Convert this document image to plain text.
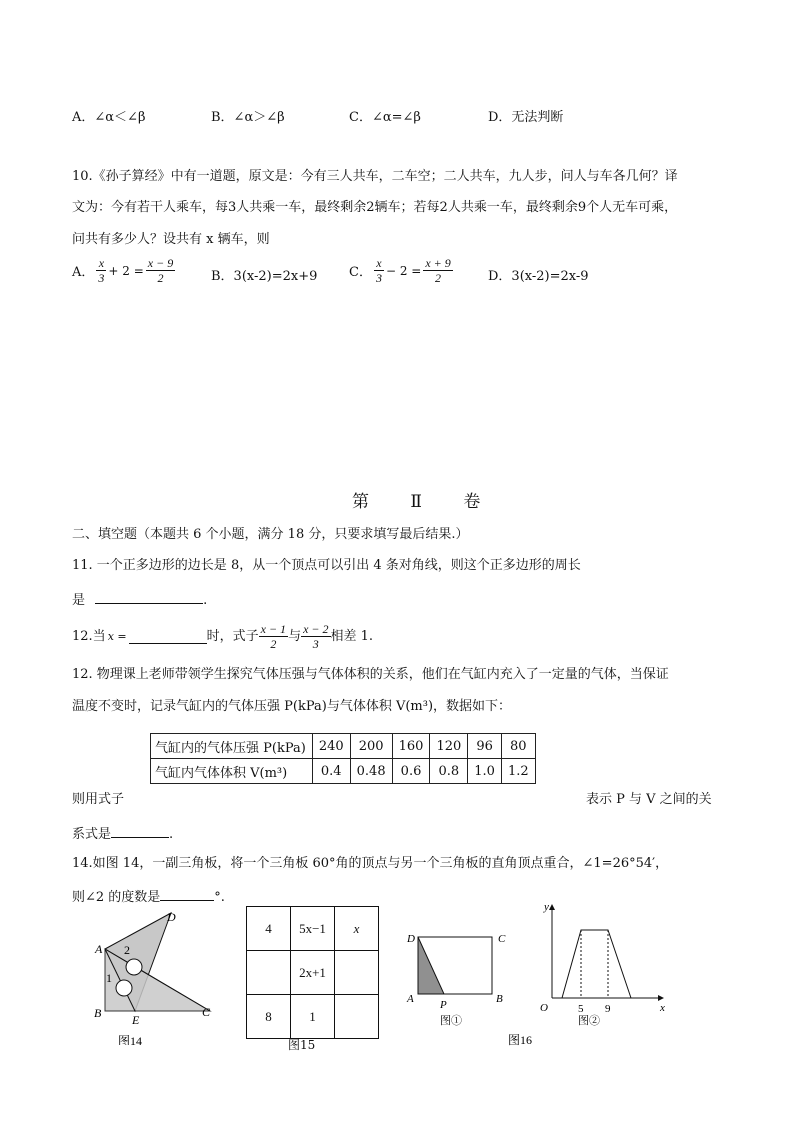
A．∠α＜∠β	B．∠α＞∠β	C．∠α=∠β	D．无法判断
10.《孙子算经》中有一道题，原文是：今有三人共车，二车空；二人共车，九人步，问人与车各几何？译
文为：今有若干人乘车，每3人共乘一车，最终剩余2辆车；若每2人共乘一车，最终剩余9个人无车可乘，
问共有多少人？设共有 x 辆车，则
A． $\frac{x}{3} + 2 = \frac{x - 9}{2}$	B．3(x-2)=2x+9 C． $\frac{x}{3} - 2 = \frac{x + 9}{2}$	D．3(x-2)=2x-9
第 Ⅱ 卷
二、填空题（本题共 6 个小题，满分 18 分，只要求填写最后结果.）
11. 一个正多边形的边长是 8，从一个顶点可以引出 4 条对角线，则这个正多边形的周长
是	.
12.当 x =	时，式子 $\frac{x - 1}{2}$ 与 $\frac{x - 2}{3}$ 相差 1.
12. 物理课上老师带领学生探究气体压强与气体体积的关系，他们在气缸内充入了一定量的气体，当保证
温度不变时，记录气缸内的气体压强 P(kPa)与气体体积 V(m³)，数据如下：
气缸内的气体压强 P(kPa)	240	200	160	120	96	80
气缸内气体体积 V(m³)	0.4	0.48	0.6	0.8	1.0	1.2
则用式子	表示 P 与 V 之间的关
系式是	.
14.如图 14，一副三角板，将一个三角板 60°角的顶点与另一个三角板的直角顶点重合，∠1=26°54′，
则∠2 的度数是	°.
A
B	C
D
E
1
2
图14
4	5x−1	x
	2x+1	
8	1	
图15
D	C
A P	B
图①
y
x
O	5 9
图②
图16
